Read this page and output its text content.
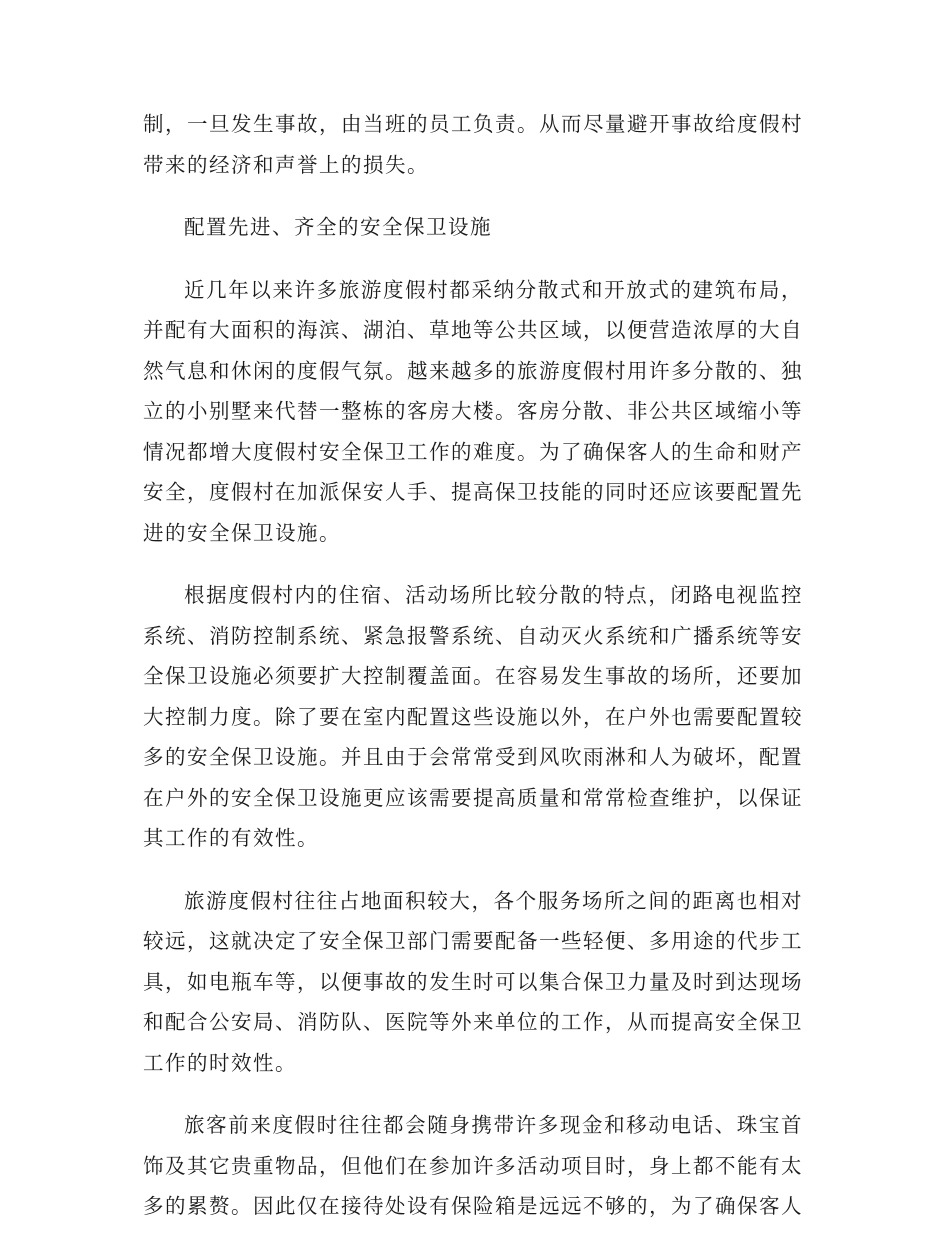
制，一旦发生事故，由当班的员工负责。从而尽量避开事故给度假村带来的经济和声誉上的损失。

配置先进、齐全的安全保卫设施

近几年以来许多旅游度假村都采纳分散式和开放式的建筑布局，并配有大面积的海滨、湖泊、草地等公共区域，以便营造浓厚的大自然气息和休闲的度假气氛。越来越多的旅游度假村用许多分散的、独立的小别墅来代替一整栋的客房大楼。客房分散、非公共区域缩小等情况都增大度假村安全保卫工作的难度。为了确保客人的生命和财产安全，度假村在加派保安人手、提高保卫技能的同时还应该要配置先进的安全保卫设施。

根据度假村内的住宿、活动场所比较分散的特点，闭路电视监控系统、消防控制系统、紧急报警系统、自动灭火系统和广播系统等安全保卫设施必须要扩大控制覆盖面。在容易发生事故的场所，还要加大控制力度。除了要在室内配置这些设施以外，在户外也需要配置较多的安全保卫设施。并且由于会常常受到风吹雨淋和人为破坏，配置在户外的安全保卫设施更应该需要提高质量和常常检查维护，以保证其工作的有效性。

旅游度假村往往占地面积较大，各个服务场所之间的距离也相对较远，这就决定了安全保卫部门需要配备一些轻便、多用途的代步工具，如电瓶车等，以便事故的发生时可以集合保卫力量及时到达现场和配合公安局、消防队、医院等外来单位的工作，从而提高安全保卫工作的时效性。

旅客前来度假时往往都会随身携带许多现金和移动电话、珠宝首饰及其它贵重物品，但他们在参加许多活动项目时，身上都不能有太多的累赘。因此仅在接待处设有保险箱是远远不够的，为了确保客人
